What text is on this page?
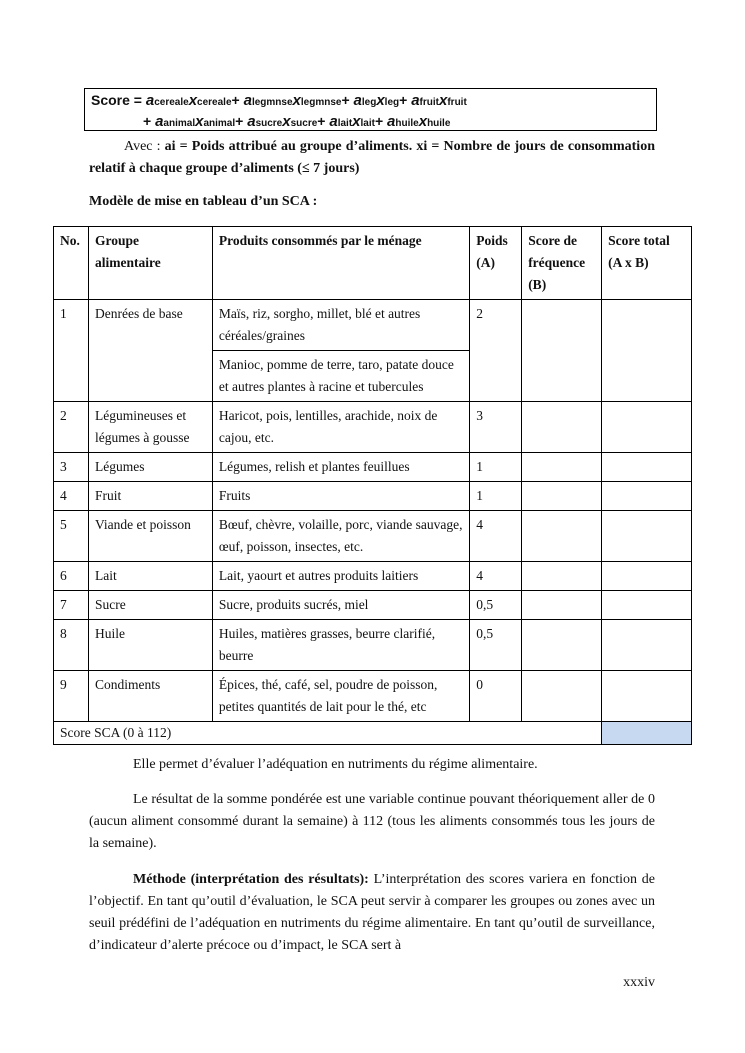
Score = acerealexcereale+ alegmnsexlegmnse+ alegxleg+ afruitxfruit
+ aanimalxanimal+ asucrexsucre+ alaitxlait+ ahuilexhuile
Avec : ai = Poids attribué au groupe d’aliments. xi = Nombre de jours de consommation relatif à chaque groupe d’aliments (≤ 7 jours)
Modèle de mise en tableau d’un SCA :
No.	Groupe alimentaire	Produits consommés par le ménage	Poids (A)	Score de fréquence (B)	Score total (A x B)
1	Denrées de base	Maïs, riz, sorgho, millet, blé et autres céréales/graines	2		
		Manioc, pomme de terre, taro, patate douce et autres plantes à racine et tubercules			
2	Légumineuses et légumes à gousse	Haricot, pois, lentilles, arachide, noix de cajou, etc.	3		
3	Légumes	Légumes, relish et plantes feuillues	1		
4	Fruit	Fruits	1		
5	Viande et poisson	Bœuf, chèvre, volaille, porc, viande sauvage, œuf, poisson, insectes, etc.	4		
6	Lait	Lait, yaourt et autres produits laitiers	4		
7	Sucre	Sucre, produits sucrés, miel	0,5		
8	Huile	Huiles, matières grasses, beurre clarifié, beurre	0,5		
9	Condiments	Épices, thé, café, sel, poudre de poisson, petites quantités de lait pour le thé, etc	0		
Score SCA (0 à 112)					
Elle permet d’évaluer l’adéquation en nutriments du régime alimentaire.
Le résultat de la somme pondérée est une variable continue pouvant théoriquement aller de 0 (aucun aliment consommé durant la semaine) à 112 (tous les aliments consommés tous les jours de la semaine).
Méthode (interprétation des résultats): L’interprétation des scores variera en fonction de l’objectif. En tant qu’outil d’évaluation, le SCA peut servir à comparer les groupes ou zones avec un seuil prédéfini de l’adéquation en nutriments du régime alimentaire. En tant qu’outil de surveillance, d’indicateur d’alerte précoce ou d’impact, le SCA sert à
xxxiv
